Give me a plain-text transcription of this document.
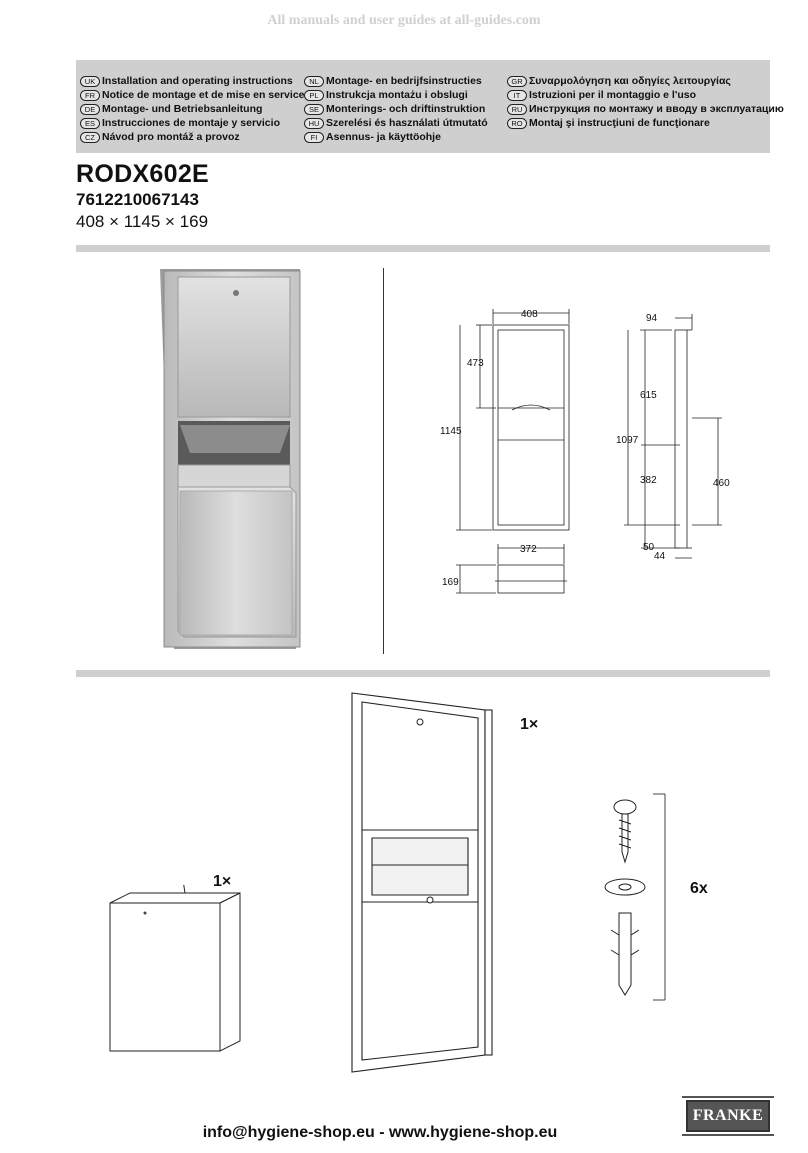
All manuals and user guides at all-guides.com
UK Installation and operating instructions
FR Notice de montage et de mise en service
DE Montage- und Betriebsanleitung
ES Instrucciones de montaje y servicio
CZ Návod pro montáž a provoz
NL Montage- en bedrijfsinstructies
PL Instrukcja montażu i obslugi
SE Monterings- och driftinstruktion
HU Szerelési és használati útmutató
FI Asennus- ja käyttöohje
GR Συναρμολόγηση και οδηγίες λειτουργίας
IT Istruzioni per il montaggio e l'uso
RU Инструкция по монтажу и вводу в эксплуатацию
RO Montaj şi instrucţiuni de funcţionare
RODX602E
7612210067143
408 × 1145 × 169
408
473
1145
372
169
94
615
1097
382	460
50
44
1×
1×
6x
info@hygiene-shop.eu - www.hygiene-shop.eu
FRANKE
